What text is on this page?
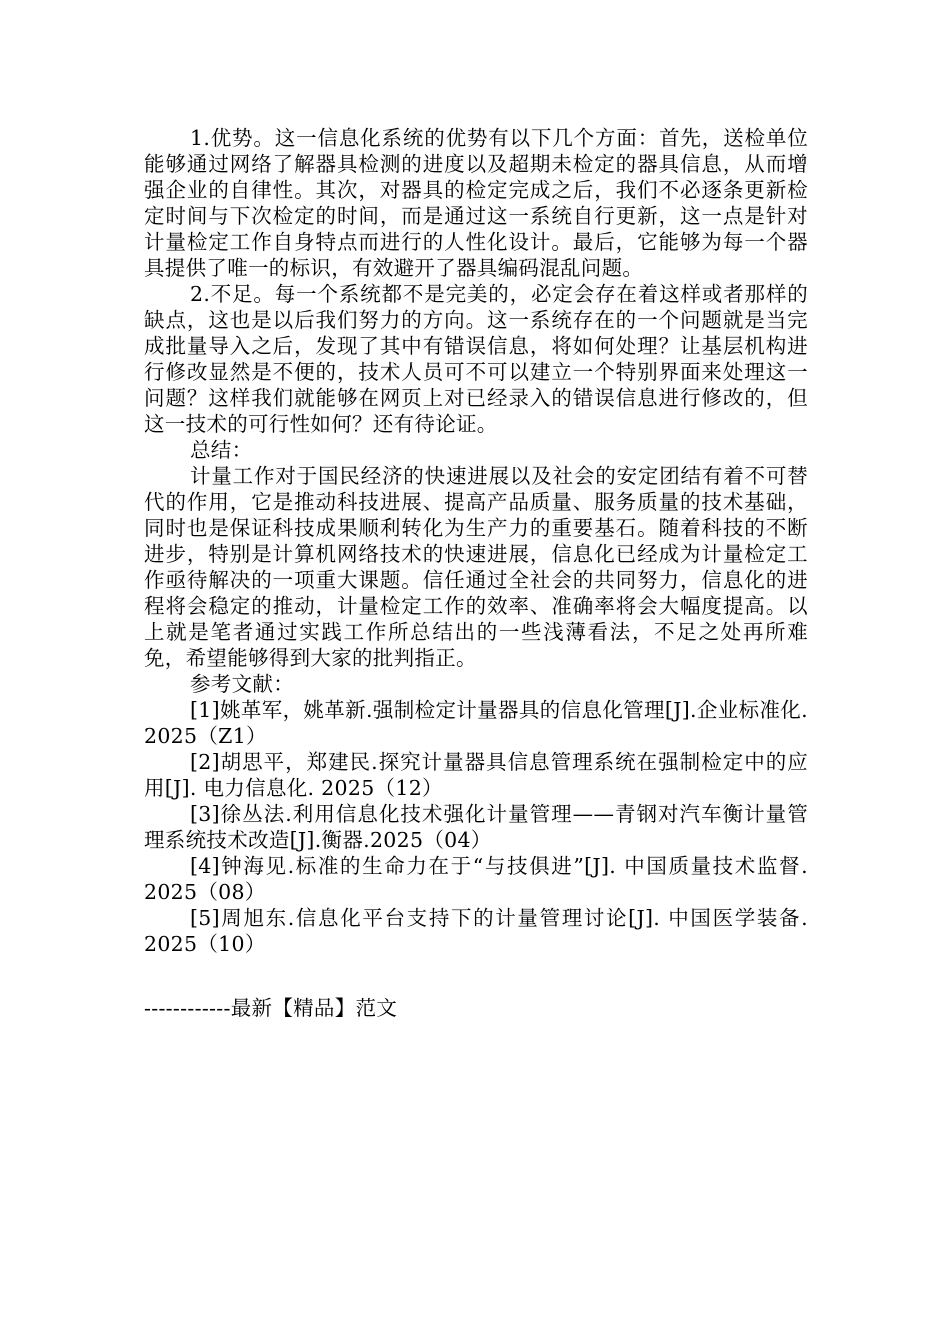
1.优势。这一信息化系统的优势有以下几个方面：首先，送检单位能够通过网络了解器具检测的进度以及超期未检定的器具信息，从而增强企业的自律性。其次，对器具的检定完成之后，我们不必逐条更新检定时间与下次检定的时间，而是通过这一系统自行更新，这一点是针对计量检定工作自身特点而进行的人性化设计。最后，它能够为每一个器具提供了唯一的标识，有效避开了器具编码混乱问题。

2.不足。每一个系统都不是完美的，必定会存在着这样或者那样的缺点，这也是以后我们努力的方向。这一系统存在的一个问题就是当完成批量导入之后，发现了其中有错误信息，将如何处理？让基层机构进行修改显然是不便的，技术人员可不可以建立一个特别界面来处理这一问题？这样我们就能够在网页上对已经录入的错误信息进行修改的，但这一技术的可行性如何？还有待论证。

总结：

计量工作对于国民经济的快速进展以及社会的安定团结有着不可替代的作用，它是推动科技进展、提高产品质量、服务质量的技术基础，同时也是保证科技成果顺利转化为生产力的重要基石。随着科技的不断进步，特别是计算机网络技术的快速进展，信息化已经成为计量检定工作亟待解决的一项重大课题。信任通过全社会的共同努力，信息化的进程将会稳定的推动，计量检定工作的效率、准确率将会大幅度提高。以上就是笔者通过实践工作所总结出的一些浅薄看法，不足之处再所难免，希望能够得到大家的批判指正。

参考文献：

[1]姚革军，姚革新.强制检定计量器具的信息化管理[J].企业标准化. 2025（Z1）

[2]胡思平，郑建民.探究计量器具信息管理系统在强制检定中的应用[J]. 电力信息化. 2025（12）

[3]徐丛法.利用信息化技术强化计量管理——青钢对汽车衡计量管理系统技术改造[J].衡器.2025（04）

[4]钟海见.标准的生命力在于“与技俱进”[J]. 中国质量技术监督. 2025（08）

[5]周旭东.信息化平台支持下的计量管理讨论[J]. 中国医学装备. 2025（10）

------------最新【精品】范文
